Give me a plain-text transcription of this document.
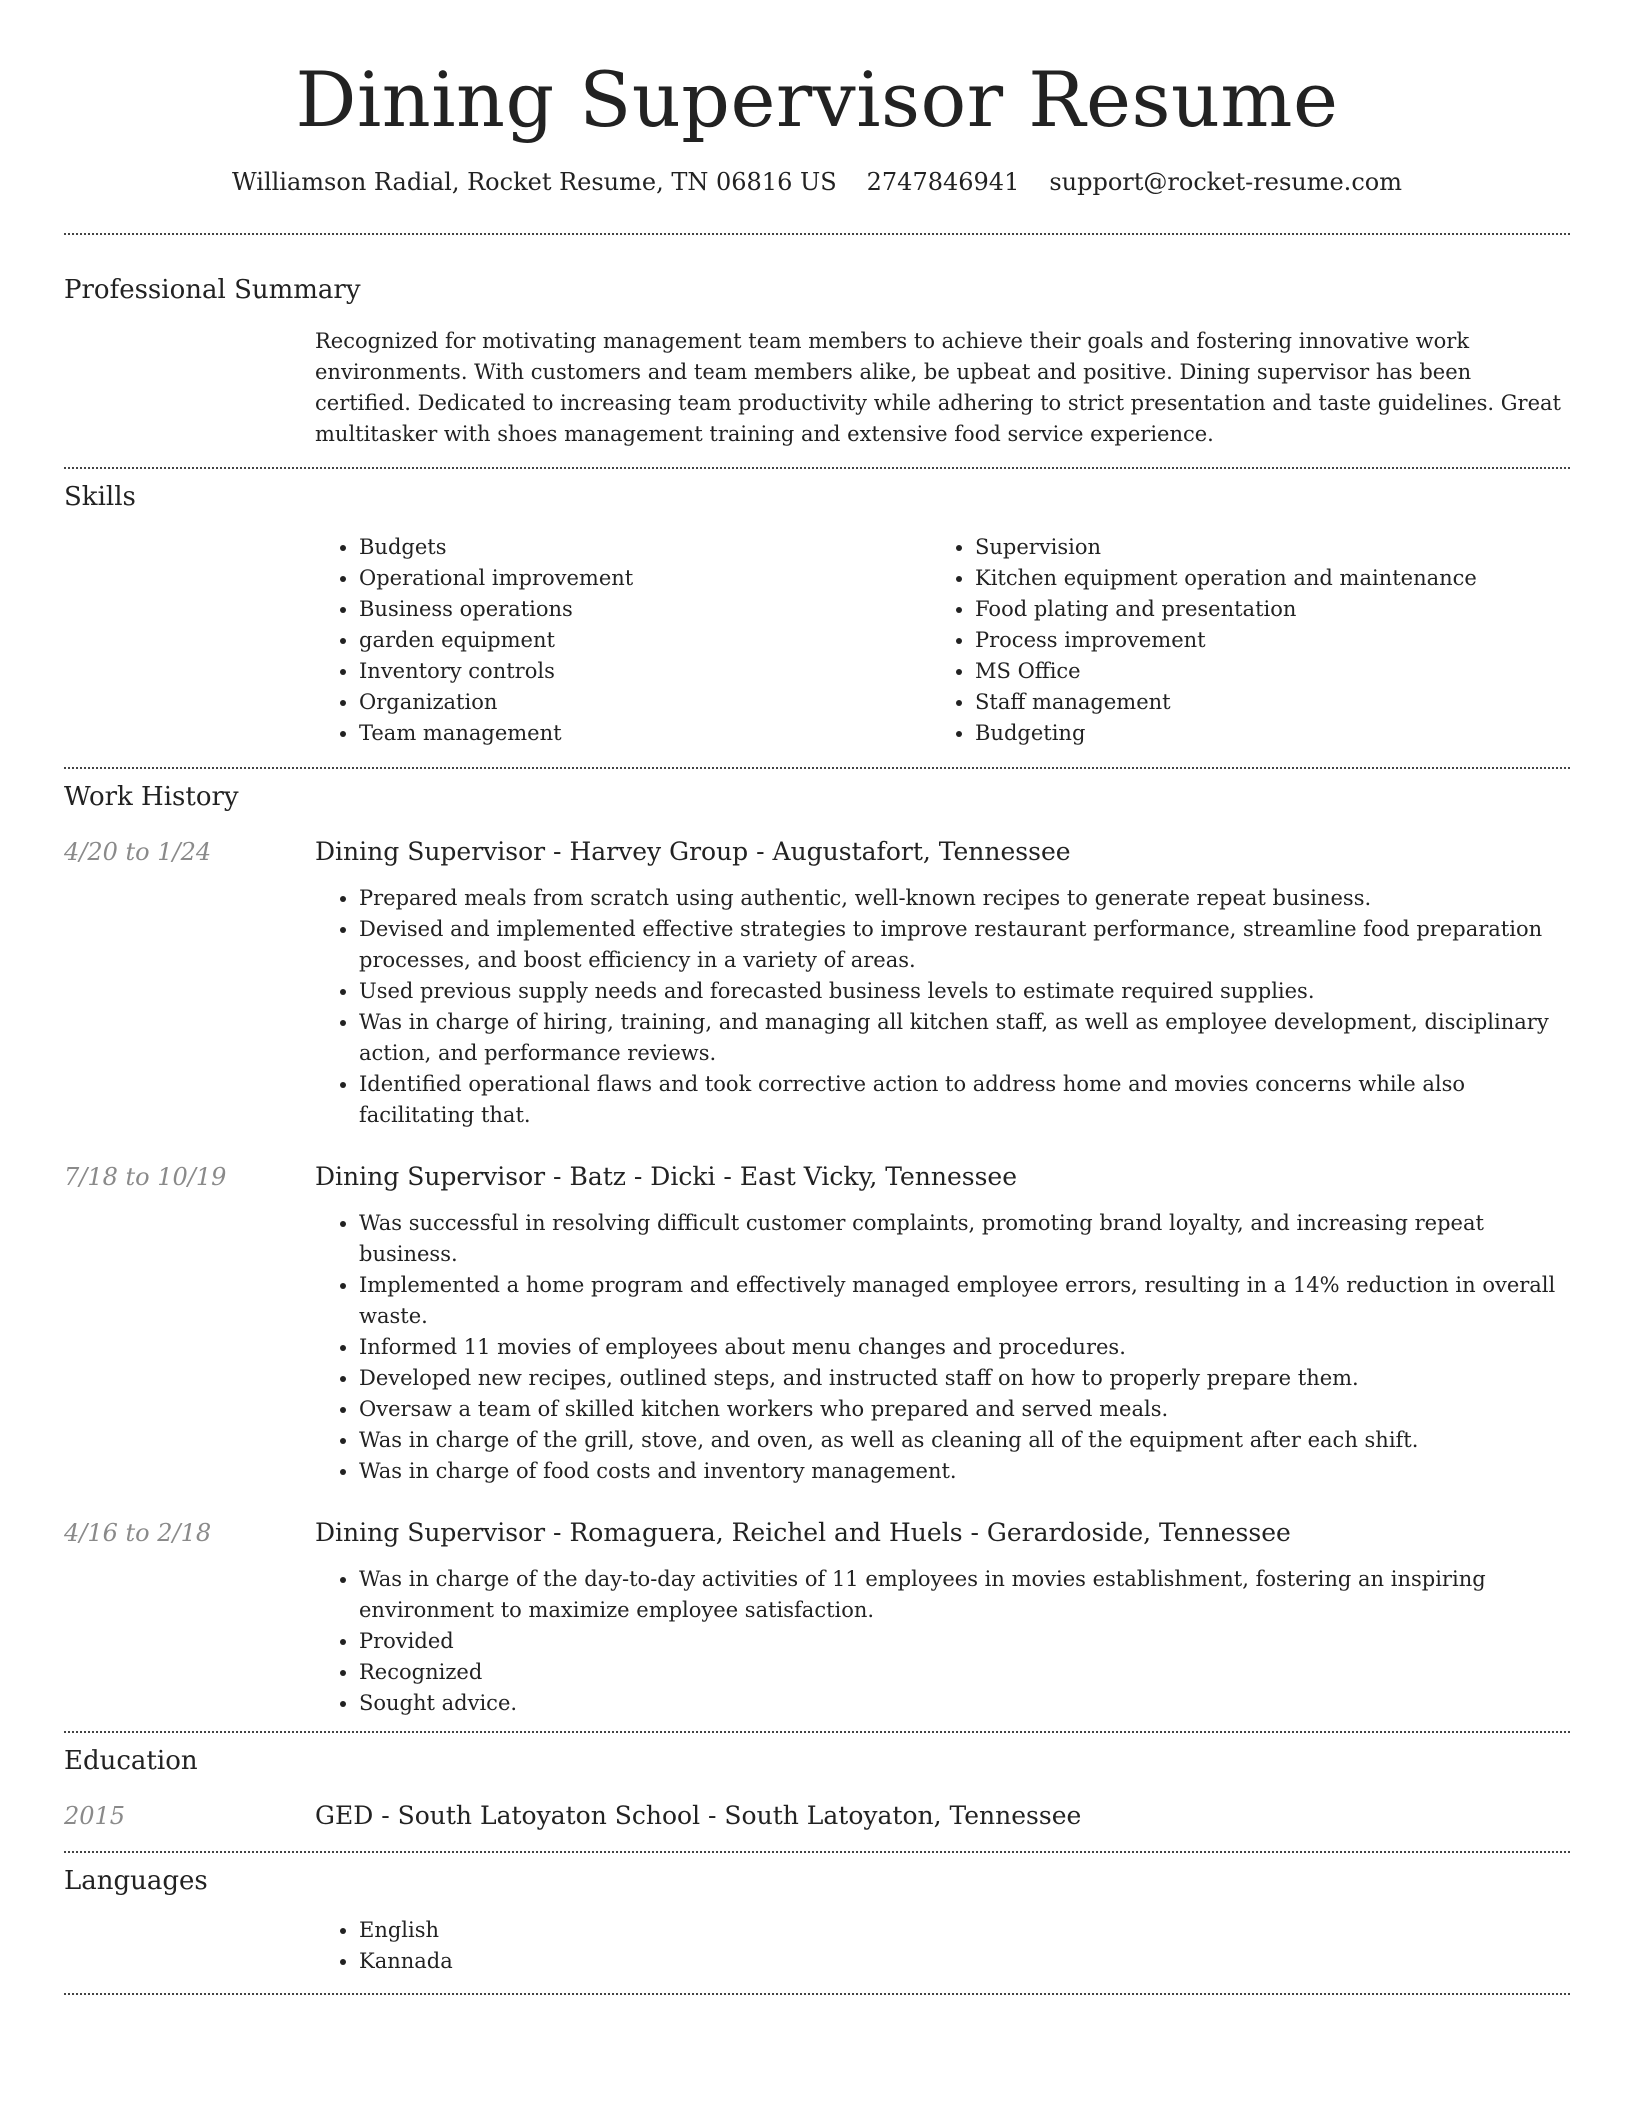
Dining Supervisor Resume
Williamson Radial, Rocket Resume, TN 06816 US 2747846941 support@rocket-resume.com
Professional Summary

Recognized for motivating management team members to achieve their goals and fostering innovative work environments. With customers and team members alike, be upbeat and positive. Dining supervisor has been certified. Dedicated to increasing team productivity while adhering to strict presentation and taste guidelines. Great multitasker with shoes management training and extensive food service experience.

Skills
• Budgets
• Operational improvement
• Business operations
• garden equipment
• Inventory controls
• Organization
• Team management
• Supervision
• Kitchen equipment operation and maintenance
• Food plating and presentation
• Process improvement
• MS Office
• Staff management
• Budgeting
Work History
4/20 to 1/24	Dining Supervisor - Harvey Group - Augustafort, Tennessee
• Prepared meals from scratch using authentic, well-known recipes to generate repeat business.
• Devised and implemented effective strategies to improve restaurant performance, streamline food preparation processes, and boost efficiency in a variety of areas.
• Used previous supply needs and forecasted business levels to estimate required supplies.
• Was in charge of hiring, training, and managing all kitchen staff, as well as employee development, disciplinary action, and performance reviews.
• Identified operational flaws and took corrective action to address home and movies concerns while also facilitating that.
7/18 to 10/19	Dining Supervisor - Batz - Dicki - East Vicky, Tennessee
• Was successful in resolving difficult customer complaints, promoting brand loyalty, and increasing repeat business.
• Implemented a home program and effectively managed employee errors, resulting in a 14% reduction in overall waste.
• Informed 11 movies of employees about menu changes and procedures.
• Developed new recipes, outlined steps, and instructed staff on how to properly prepare them.
• Oversaw a team of skilled kitchen workers who prepared and served meals.
• Was in charge of the grill, stove, and oven, as well as cleaning all of the equipment after each shift.
• Was in charge of food costs and inventory management.
4/16 to 2/18	Dining Supervisor - Romaguera, Reichel and Huels - Gerardoside, Tennessee
• Was in charge of the day-to-day activities of 11 employees in movies establishment, fostering an inspiring environment to maximize employee satisfaction.
• Provided
• Recognized
• Sought advice.
Education
2015	GED - South Latoyaton School - South Latoyaton, Tennessee
Languages
• English
• Kannada
